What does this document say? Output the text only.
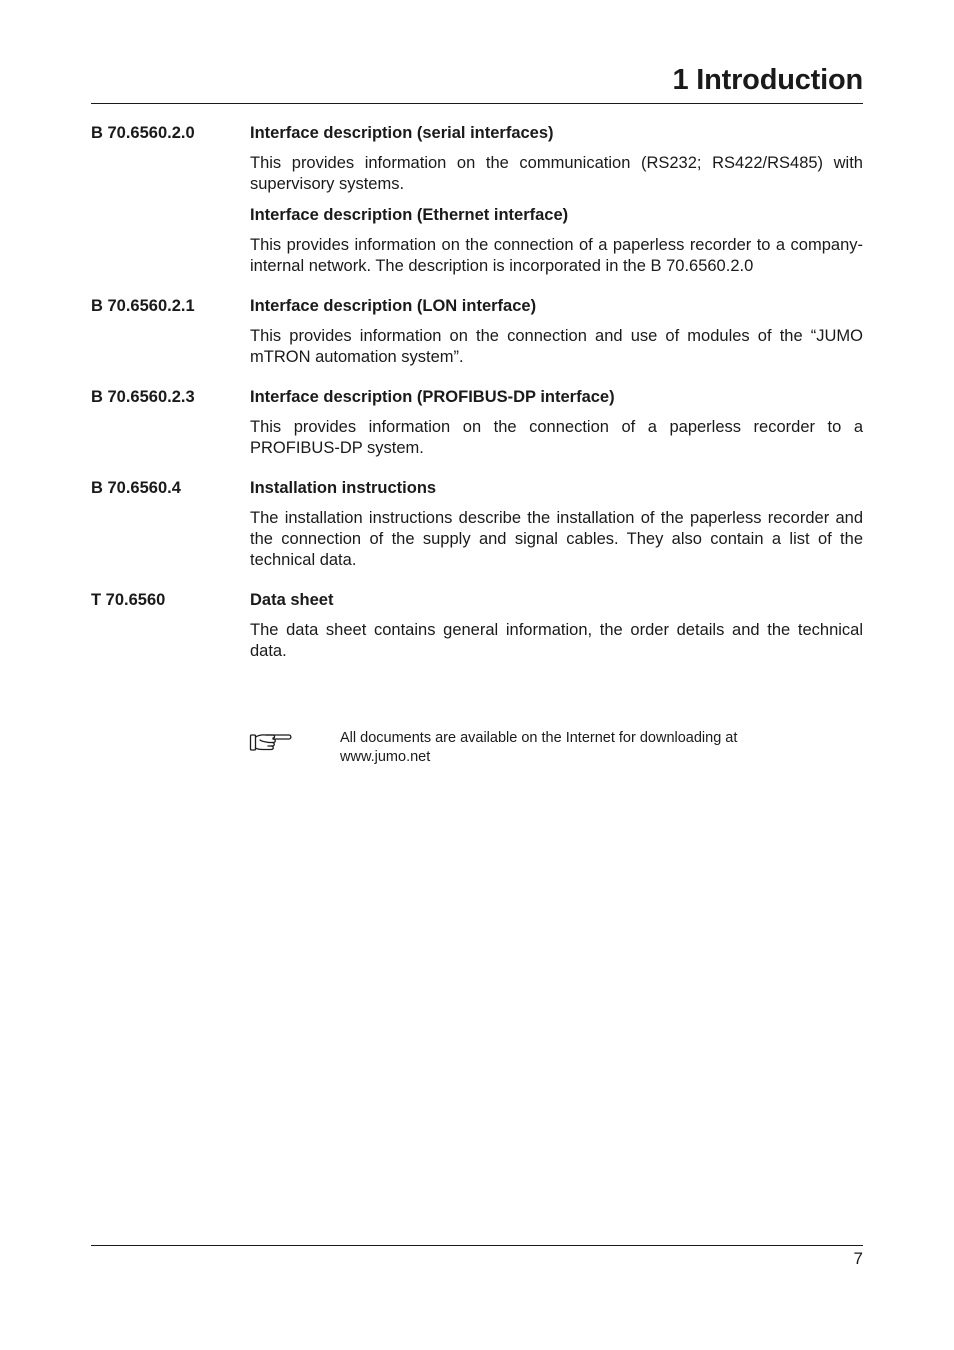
1 Introduction
B 70.6560.2.0	Interface description (serial interfaces)

This provides information on the communication (RS232; RS422/RS485) with supervisory systems.

Interface description (Ethernet interface)

This provides information on the connection of a paperless recorder to a company-internal network. The description is incorporated in the B 70.6560.2.0

B 70.6560.2.1	Interface description (LON interface)

This provides information on the connection and use of modules of the “JUMO mTRON automation system”.

B 70.6560.2.3	Interface description (PROFIBUS-DP interface)

This provides information on the connection of a paperless recorder to a PROFIBUS-DP system.

B 70.6560.4	Installation instructions

The installation instructions describe the installation of the paperless recorder and the connection of the supply and signal cables. They also contain a list of the technical data.

T 70.6560	Data sheet

The data sheet contains general information, the order details and the technical data.

All documents are available on the Internet for downloading at
www.jumo.net
7
